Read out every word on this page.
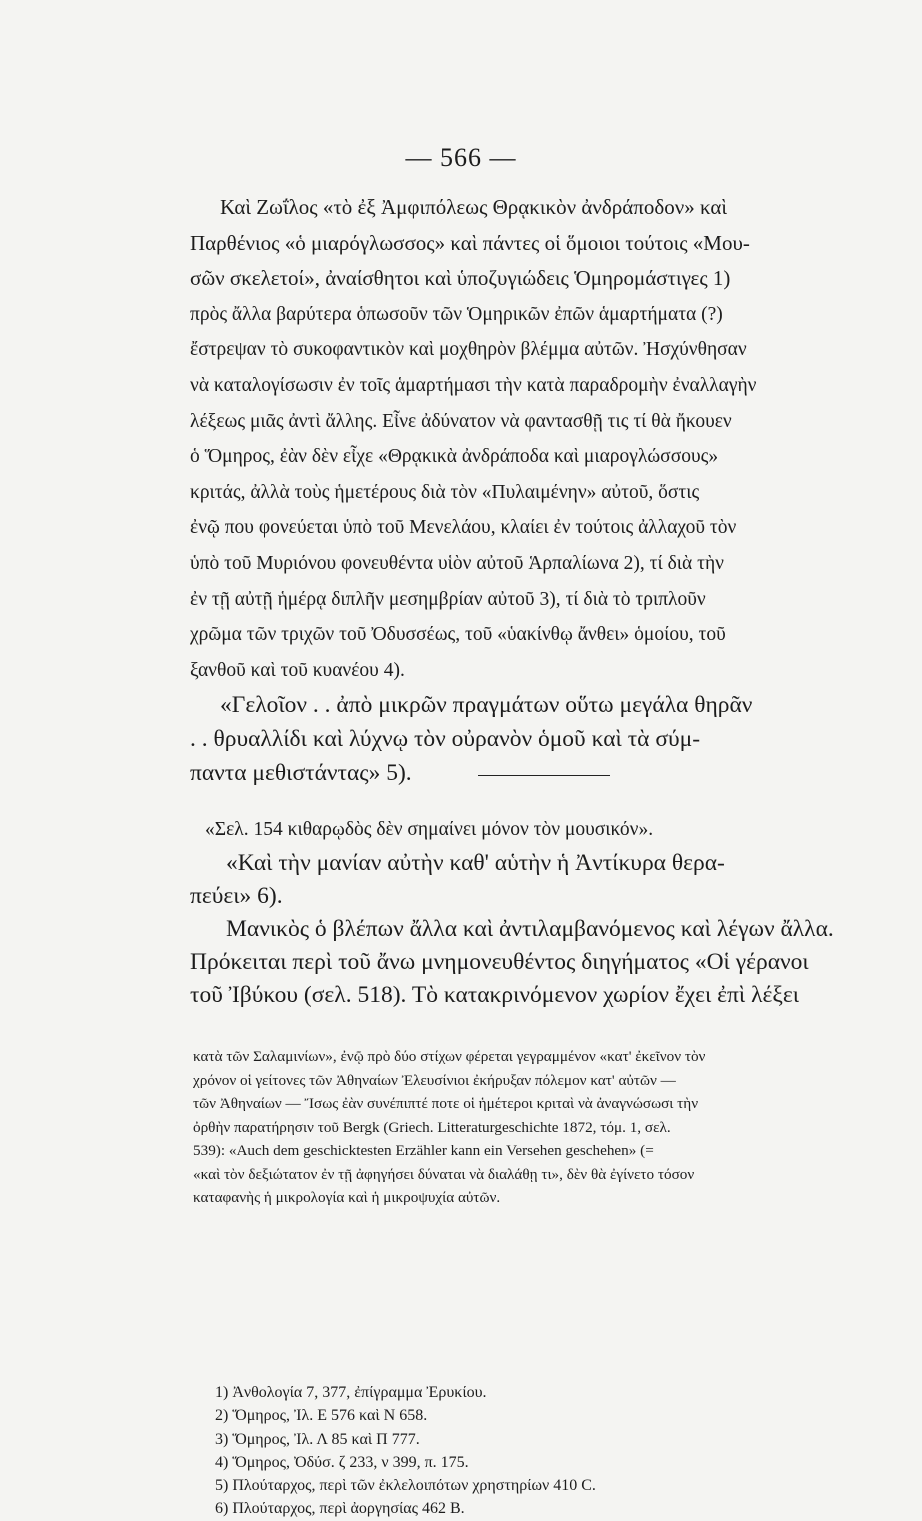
— 566 —
Καὶ Ζωΐλος «τὸ ἐξ Ἀμφιπόλεως Θρᾳκικὸν ἀνδράποδον» καὶ
Παρθένιος «ὁ μιαρόγλωσσος» καὶ πάντες οἱ ὅμοιοι τούτοις «Μου-
σῶν σκελετοί», ἀναίσθητοι καὶ ὑποζυγιώδεις Ὁμηρομάστιγες 1)
πρὸς ἄλλα βαρύτερα ὁπωσοῦν τῶν Ὁμηρικῶν ἐπῶν ἁμαρτήματα (?)
ἔστρεψαν τὸ συκοφαντικὸν καὶ μοχθηρὸν βλέμμα αὐτῶν. Ἠσχύνθησαν
νὰ καταλογίσωσιν ἐν τοῖς ἁμαρτήμασι τὴν κατὰ παραδρομὴν ἐναλλαγὴν
λέξεως μιᾶς ἀντὶ ἄλλης. Εἶνε ἀδύνατον νὰ φαντασθῇ τις τί θὰ ἤκουεν
ὁ Ὅμηρος, ἐὰν δὲν εἶχε «Θρᾳκικὰ ἀνδράποδα καὶ μιαρογλώσσους»
κριτάς, ἀλλὰ τοὺς ἡμετέρους διὰ τὸν «Πυλαιμένην» αὐτοῦ, ὅστις
ἐνῷ που φονεύεται ὑπὸ τοῦ Μενελάου, κλαίει ἐν τούτοις ἀλλαχοῦ τὸν
ὑπὸ τοῦ Μυριόνου φονευθέντα υἱὸν αὐτοῦ Ἁρπαλίωνα 2), τί διὰ τὴν
ἐν τῇ αὐτῇ ἡμέρᾳ διπλῆν μεσημβρίαν αὐτοῦ 3), τί διὰ τὸ τριπλοῦν
χρῶμα τῶν τριχῶν τοῦ Ὀδυσσέως, τοῦ «ὑακίνθῳ ἄνθει» ὁμοίου, τοῦ
ξανθοῦ καὶ τοῦ κυανέου 4).
«Γελοῖον . . ἀπὸ μικρῶν πραγμάτων οὕτω μεγάλα θηρᾶν
. . θρυαλλίδι καὶ λύχνῳ τὸν οὐρανὸν ὁμοῦ καὶ τὰ σύμ-
παντα μεθιστάντας» 5).
«Σελ. 154 κιθαρῳδὸς δὲν σημαίνει μόνον τὸν μουσικόν».
«Καὶ τὴν μανίαν αὐτὴν καθ' αὑτὴν ἡ Ἀντίκυρα θερα-
πεύει» 6).
Μανικὸς ὁ βλέπων ἄλλα καὶ ἀντιλαμβανόμενος καὶ λέγων ἄλλα.
Πρόκειται περὶ τοῦ ἄνω μνημονευθέντος διηγήματος «Οἱ γέρανοι
τοῦ Ἰβύκου (σελ. 518). Τὸ κατακρινόμενον χωρίον ἔχει ἐπὶ λέξει
κατὰ τῶν Σαλαμινίων», ἐνῷ πρὸ δύο στίχων φέρεται γεγραμμένον «κατ' ἐκεῖνον τὸν
χρόνον οἱ γείτονες τῶν Ἀθηναίων Ἐλευσίνιοι ἐκήρυξαν πόλεμον κατ' αὐτῶν —
τῶν Ἀθηναίων — Ἴσως ἐὰν συνέπιπτέ ποτε οἱ ἡμέτεροι κριταὶ νὰ ἀναγνώσωσι τὴν
ὀρθὴν παρατήρησιν τοῦ Bergk (Griech. Litteraturgeschichte 1872, τόμ. 1, σελ.
539): «Auch dem geschicktesten Erzähler kann ein Versehen geschehen» (=
«καὶ τὸν δεξιώτατον ἐν τῇ ἀφηγήσει δύναται νὰ διαλάθῃ τι», δὲν θὰ ἐγίνετο τόσον
καταφανὴς ἡ μικρολογία καὶ ἡ μικροψυχία αὐτῶν.
1) Ἀνθολογία 7, 377, ἐπίγραμμα Ἐρυκίου.
2) Ὅμηρος, Ἰλ. Ε 576 καὶ Ν 658.
3) Ὅμηρος, Ἰλ. Λ 85 καὶ Π 777.
4) Ὅμηρος, Ὀδύσ. ζ 233, ν 399, π. 175.
5) Πλούταρχος, περὶ τῶν ἐκλελοιπότων χρηστηρίων 410 C.
6) Πλούταρχος, περὶ ἀοργησίας 462 B.
